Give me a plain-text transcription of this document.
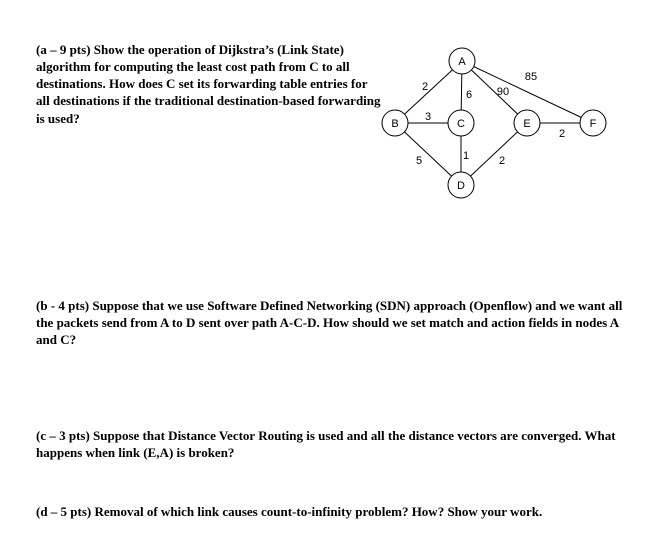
(a – 9 pts) Show the operation of Dijkstra’s (Link State) algorithm for computing the least cost path from C to all destinations. How does C set its forwarding table entries for all destinations if the traditional destination-based forwarding is used?

A
B	C	E	F
D
2
6 90
85
3
5	1	2
2

(b - 4 pts) Suppose that we use Software Defined Networking (SDN) approach (Openflow) and we want all the packets send from A to D sent over path A-C-D. How should we set match and action fields in nodes A and C?

(c – 3 pts) Suppose that Distance Vector Routing is used and all the distance vectors are converged. What happens when link (E,A) is broken?

(d – 5 pts) Removal of which link causes count-to-infinity problem? How? Show your work.
